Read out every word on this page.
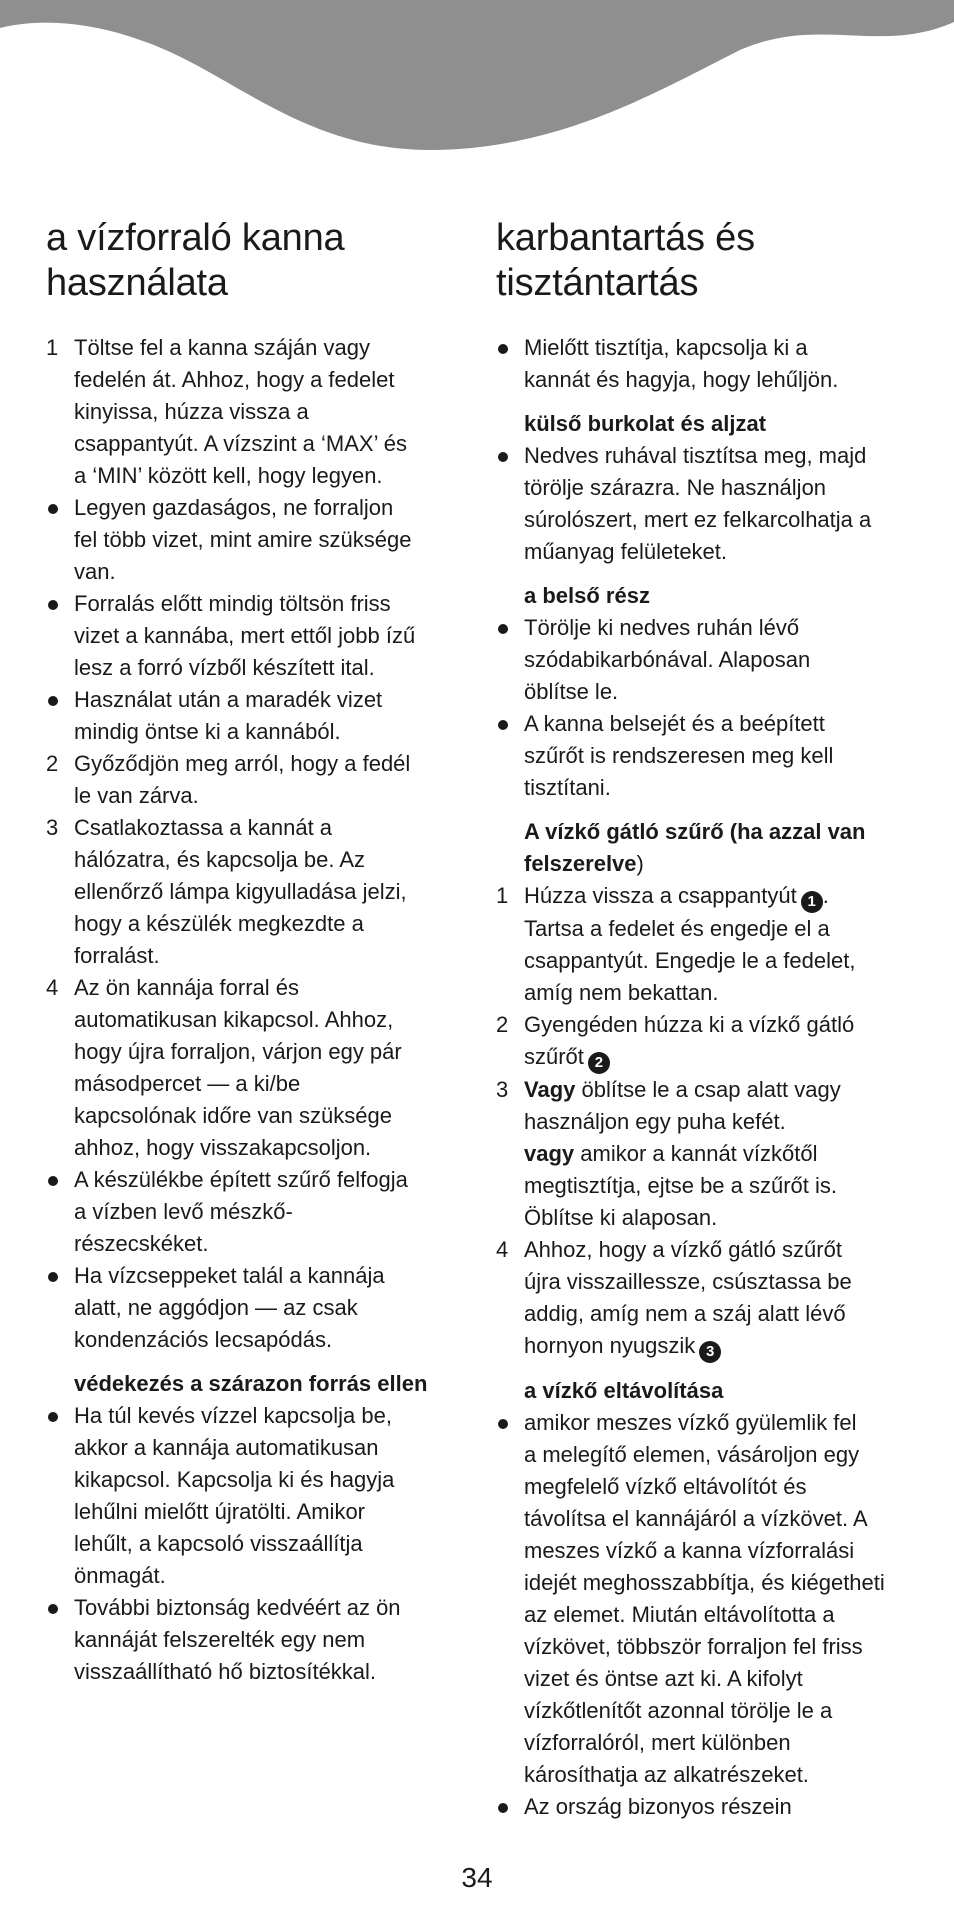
a vízforraló kanna
használata
1 Töltse fel a kanna száján vagy
fedelén át. Ahhoz, hogy a fedelet
kinyissa, húzza vissza a
csappantyút. A vízszint a ‘MAX’ és
a ‘MIN’ között kell, hogy legyen.
Legyen gazdaságos, ne forraljon
fel több vizet, mint amire szüksége
van.
Forralás előtt mindig töltsön friss
vizet a kannába, mert ettől jobb ízű
lesz a forró vízből készített ital.
Használat után a maradék vizet
mindig öntse ki a kannából.
2 Győződjön meg arról, hogy a fedél
le van zárva.
3 Csatlakoztassa a kannát a
hálózatra, és kapcsolja be. Az
ellenőrző lámpa kigyulladása jelzi,
hogy a készülék megkezdte a
forralást.
4 Az ön kannája forral és
automatikusan kikapcsol. Ahhoz,
hogy újra forraljon, várjon egy pár
másodpercet — a ki/be
kapcsolónak időre van szüksége
ahhoz, hogy visszakapcsoljon.
A készülékbe épített szűrő felfogja
a vízben levő mészkő-
részecskéket.
Ha vízcseppeket talál a kannája
alatt, ne aggódjon — az csak
kondenzációs lecsapódás.
védekezés a szárazon forrás ellen
Ha túl kevés vízzel kapcsolja be,
akkor a kannája automatikusan
kikapcsol. Kapcsolja ki és hagyja
lehűlni mielőtt újratölti. Amikor
lehűlt, a kapcsoló visszaállítja
önmagát.
További biztonság kedvéért az ön
kannáját felszerelték egy nem
visszaállítható hő biztosítékkal.
karbantartás és
tisztántartás
Mielőtt tisztítja, kapcsolja ki a
kannát és hagyja, hogy lehűljön.
külső burkolat és aljzat
Nedves ruhával tisztítsa meg, majd
törölje szárazra. Ne használjon
súrolószert, mert ez felkarcolhatja a
műanyag felületeket.
a belső rész
Törölje ki nedves ruhán lévő
szódabikarbónával. Alaposan
öblítse le.
A kanna belsejét és a beépített
szűrőt is rendszeresen meg kell
tisztítani.
A vízkő gátló szűrő (ha azzal van
felszerelve)
1 Húzza vissza a csappantyút 1 .
Tartsa a fedelet és engedje el a
csappantyút. Engedje le a fedelet,
amíg nem bekattan.
2 Gyengéden húzza ki a vízkő gátló
szűrőt 2
3 Vagy öblítse le a csap alatt vagy
használjon egy puha kefét.
vagy amikor a kannát vízkőtől
megtisztítja, ejtse be a szűrőt is.
Öblítse ki alaposan.
4 Ahhoz, hogy a vízkő gátló szűrőt
újra visszaillessze, csúsztassa be
addig, amíg nem a száj alatt lévő
hornyon nyugszik 3
a vízkő eltávolítása
amikor meszes vízkő gyülemlik fel
a melegítő elemen, vásároljon egy
megfelelő vízkő eltávolítót és
távolítsa el kannájáról a vízkövet. A
meszes vízkő a kanna vízforralási
idejét meghosszabbítja, és kiégetheti
az elemet. Miután eltávolította a
vízkövet, többször forraljon fel friss
vizet és öntse azt ki. A kifolyt
vízkőtlenítőt azonnal törölje le a
vízforralóról, mert különben
károsíthatja az alkatrészeket.
Az ország bizonyos részein
34
